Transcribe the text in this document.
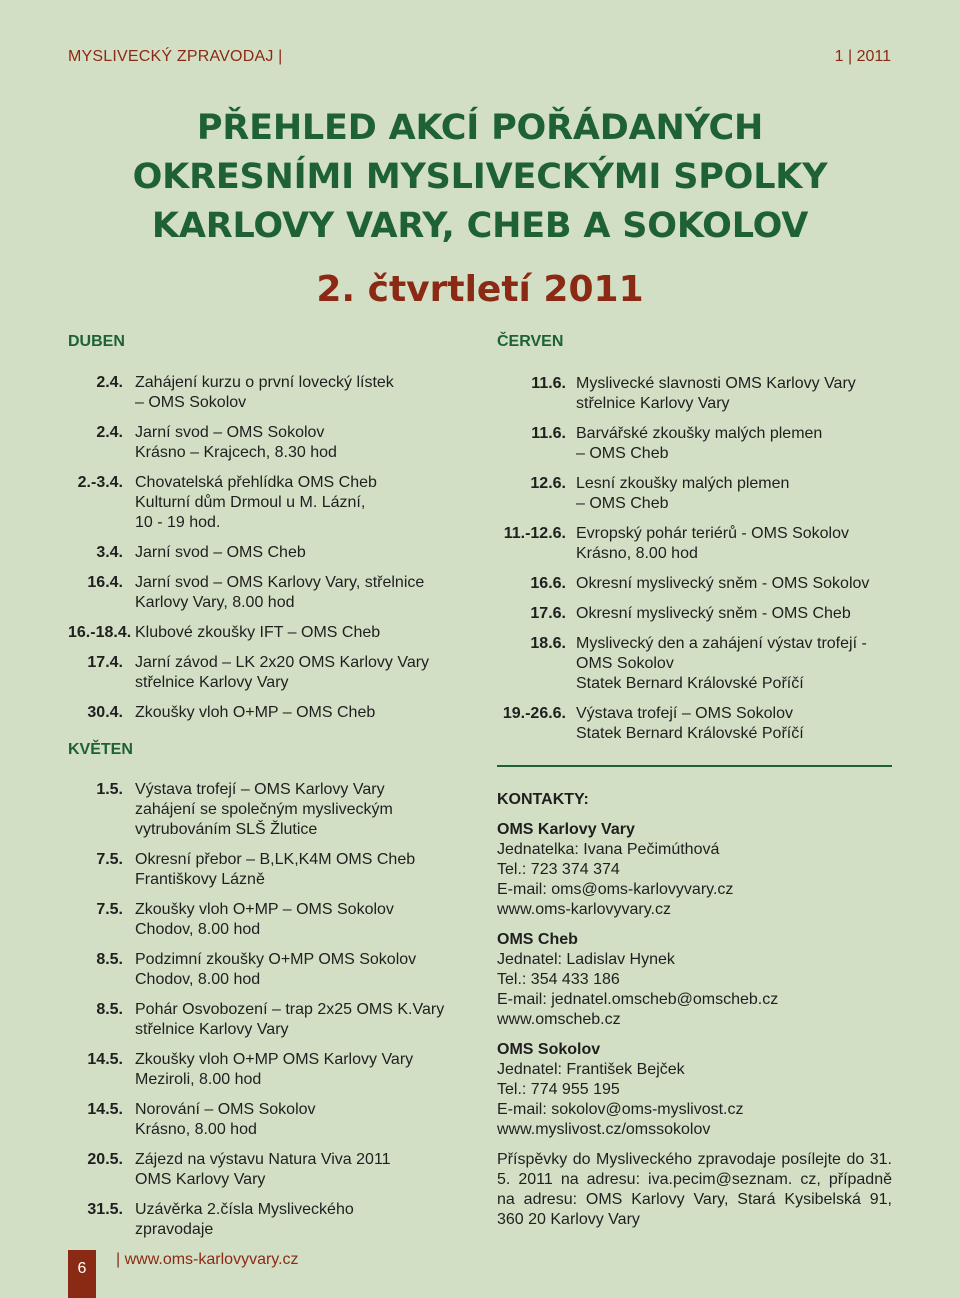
MYSLIVECKÝ ZPRAVODAJ |	1 | 2011
PŘEHLED AKCÍ POŘÁDANÝCH
OKRESNÍMI MYSLIVECKÝMI SPOLKY
KARLOVY VARY, CHEB A SOKOLOV
2. čtvrtletí 2011
DUBEN
2.4. Zahájení kurzu o první lovecký lístek
– OMS Sokolov
2.4. Jarní svod – OMS Sokolov
Krásno – Krajcech, 8.30 hod
2.-3.4. Chovatelská přehlídka OMS Cheb
Kulturní dům Drmoul u M. Lázní,
10 - 19 hod.
3.4. Jarní svod – OMS Cheb
16.4. Jarní svod – OMS Karlovy Vary, střelnice
Karlovy Vary, 8.00 hod
16.-18.4. Klubové zkoušky IFT – OMS Cheb
17.4. Jarní závod – LK 2x20 OMS Karlovy Vary
střelnice Karlovy Vary
30.4. Zkoušky vloh O+MP – OMS Cheb
KVĚTEN
1.5. Výstava trofejí – OMS Karlovy Vary
zahájení se společným mysliveckým
vytrubováním SLŠ Žlutice
7.5. Okresní přebor – B,LK,K4M OMS Cheb
Františkovy Lázně
7.5. Zkoušky vloh O+MP – OMS Sokolov
Chodov, 8.00 hod
8.5. Podzimní zkoušky O+MP OMS Sokolov
Chodov, 8.00 hod
8.5. Pohár Osvobození – trap 2x25 OMS K.Vary
střelnice Karlovy Vary
14.5. Zkoušky vloh O+MP OMS Karlovy Vary
Meziroli, 8.00 hod
14.5. Norování – OMS Sokolov
Krásno, 8.00 hod
20.5. Zájezd na výstavu Natura Viva 2011
OMS Karlovy Vary
31.5. Uzávěrka 2.čísla Mysliveckého
zpravodaje
ČERVEN
11.6. Myslivecké slavnosti OMS Karlovy Vary
střelnice Karlovy Vary
11.6. Barvářské zkoušky malých plemen
– OMS Cheb
12.6. Lesní zkoušky malých plemen
– OMS Cheb
11.-12.6. Evropský pohár teriérů - OMS Sokolov
Krásno, 8.00 hod
16.6. Okresní myslivecký sněm - OMS Sokolov
17.6. Okresní myslivecký sněm - OMS Cheb
18.6. Myslivecký den a zahájení výstav trofejí -
OMS Sokolov
Statek Bernard Královské Poříčí
19.-26.6. Výstava trofejí – OMS Sokolov
Statek Bernard Královské Poříčí
KONTAKTY:
OMS Karlovy Vary
Jednatelka: Ivana Pečimúthová
Tel.: 723 374 374
E-mail: oms@oms-karlovyvary.cz
www.oms-karlovyvary.cz
OMS Cheb
Jednatel: Ladislav Hynek
Tel.: 354 433 186
E-mail: jednatel.omscheb@omscheb.cz
www.omscheb.cz
OMS Sokolov
Jednatel: František Bejček
Tel.: 774 955 195
E-mail: sokolov@oms-myslivost.cz
www.myslivost.cz/omssokolov
Příspěvky do Mysliveckého zpravodaje posílejte do 31. 5. 2011 na adresu: iva.pecim@seznam. cz, případně na adresu: OMS Karlovy Vary, Stará Kysibelská 91, 360 20 Karlovy Vary
6
| www.oms-karlovyvary.cz
